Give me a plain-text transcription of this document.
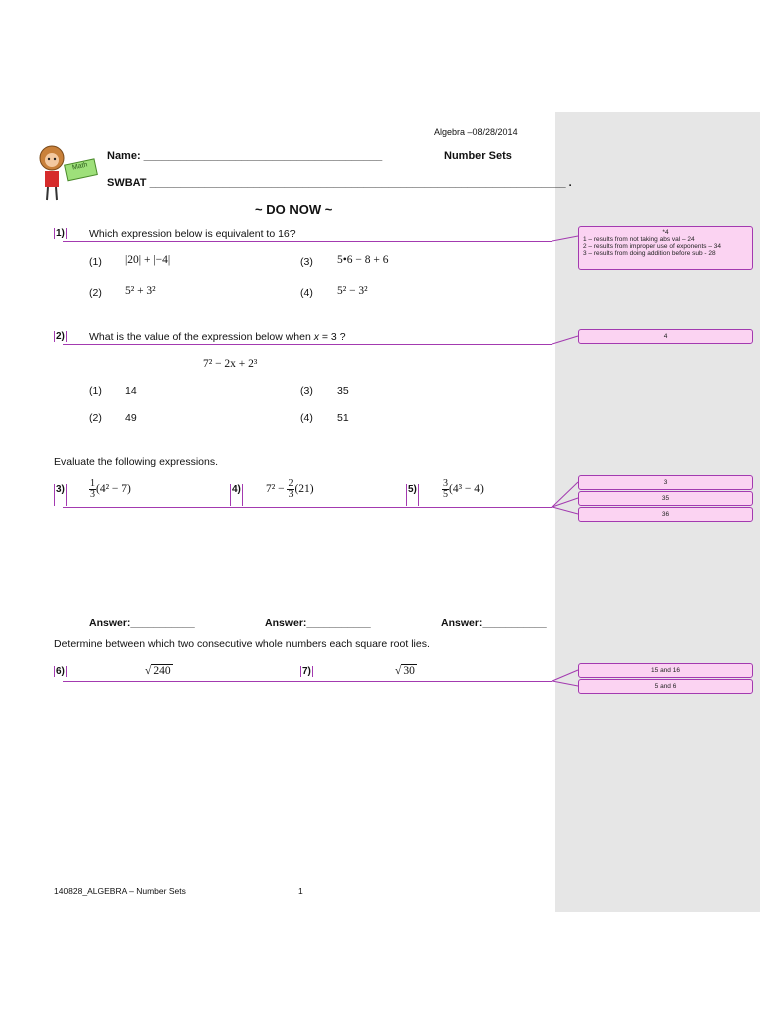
Math
Algebra –08/28/2014
Name: _______________________________________	Number Sets
SWBAT ____________________________________________________________________ .
~ DO NOW ~
1) Which expression below is equivalent to 16?
(1) |20| + |−4|	(3) 5•6 − 8 + 6
(2) 5² + 3²	(4) 5² − 3²
2) What is the value of the expression below when x = 3 ?
7² − 2x + 2³
(1) 14	(3) 35
(2) 49	(4) 51
Evaluate the following expressions.
$3) \frac{1}{3} (4^2 - 7)$	4) $7^2 - \frac{2}{3} (21)$	5)	$\frac{3}{5} (4^3 - 4)$
Answer:___________	Answer:___________	Answer:___________
Determine between which two consecutive whole numbers each square root lies.
6)	√ 240	7)	√ 30
140828_ALGEBRA – Number Sets	1
*4
1 – results from not taking abs val – 24
2 – results from improper use of exponents – 34
3 – results from doing addition before sub - 28
4
3
35
36
15 and 16
5 and 6
